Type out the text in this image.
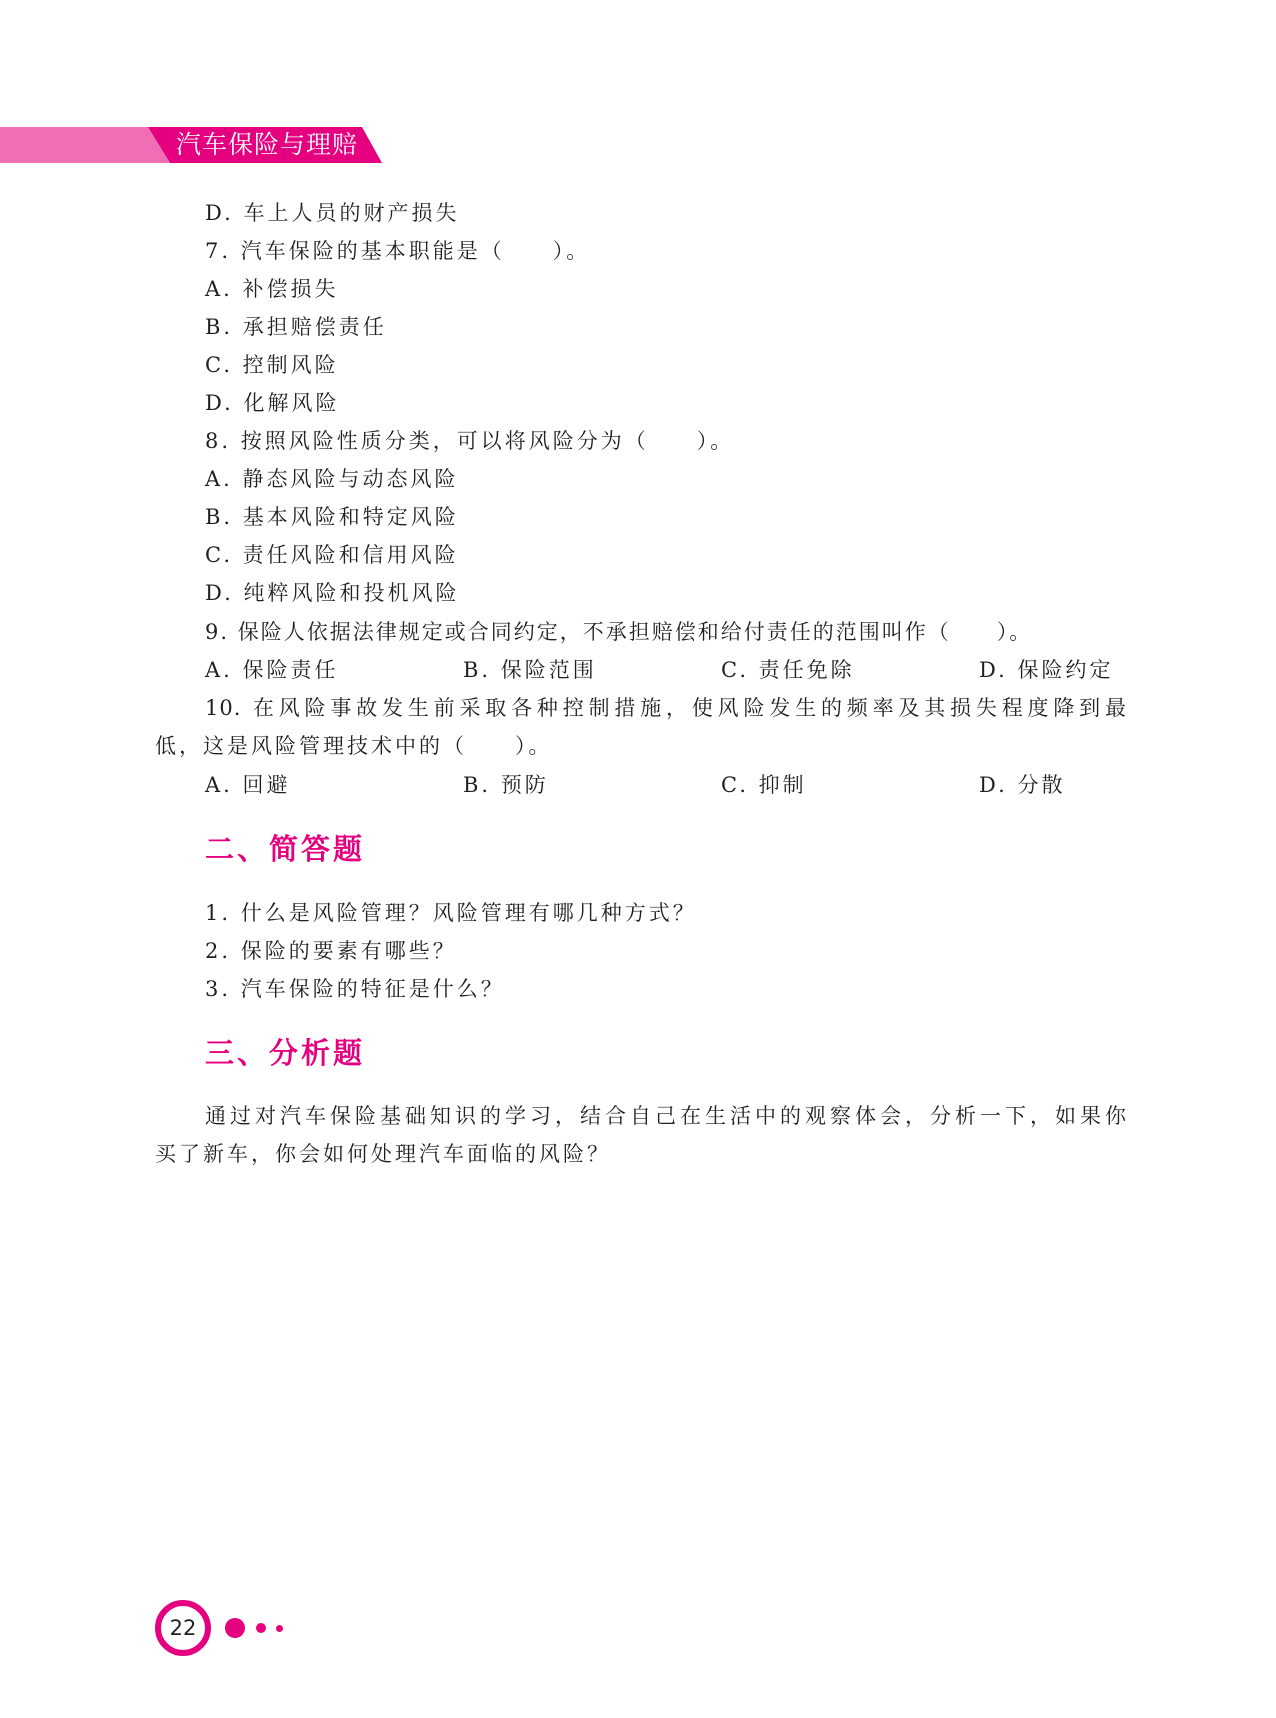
汽车保险与理赔
D. 车上人员的财产损失
7. 汽车保险的基本职能是（　　）。
A. 补偿损失
B. 承担赔偿责任
C. 控制风险
D. 化解风险
8. 按照风险性质分类，可以将风险分为（　　）。
A. 静态风险与动态风险
B. 基本风险和特定风险
C. 责任风险和信用风险
D. 纯粹风险和投机风险
9. 保险人依据法律规定或合同约定，不承担赔偿和给付责任的范围叫作（　　）。
A. 保险责任	B. 保险范围	C. 责任免除	D. 保险约定
10. 在风险事故发生前采取各种控制措施，使风险发生的频率及其损失程度降到最
低，这是风险管理技术中的（　　）。
A. 回避	B. 预防	C. 抑制	D. 分散
二、简答题
1. 什么是风险管理？风险管理有哪几种方式？
2. 保险的要素有哪些？
3. 汽车保险的特征是什么？
三、分析题
通过对汽车保险基础知识的学习，结合自己在生活中的观察体会，分析一下，如果你
买了新车，你会如何处理汽车面临的风险？
22
